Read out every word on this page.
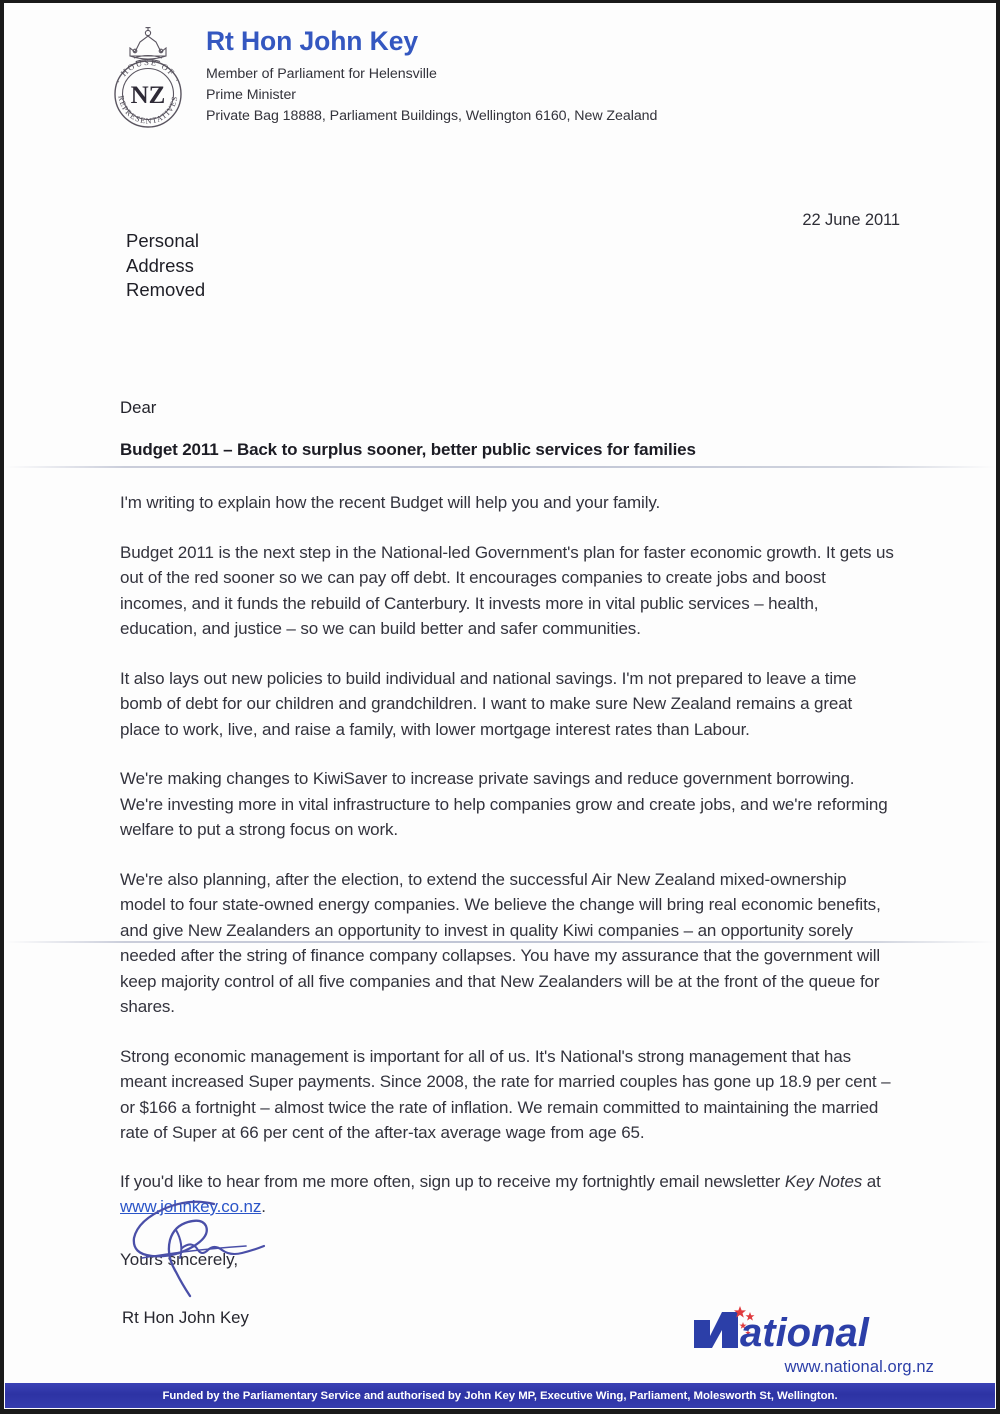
· HOUSE OF ·
REPRESENTATIVES
NZ
Rt Hon John Key
Member of Parliament for Helensville
Prime Minister
Private Bag 18888, Parliament Buildings, Wellington 6160, New Zealand
22 June 2011
Personal
Address
Removed
Dear
Budget 2011 – Back to surplus sooner, better public services for families

I'm writing to explain how the recent Budget will help you and your family.

Budget 2011 is the next step in the National-led Government's plan for faster economic growth. It gets us out of the red sooner so we can pay off debt. It encourages companies to create jobs and boost incomes, and it funds the rebuild of Canterbury. It invests more in vital public services – health, education, and justice – so we can build better and safer communities.

It also lays out new policies to build individual and national savings. I'm not prepared to leave a time bomb of debt for our children and grandchildren. I want to make sure New Zealand remains a great place to work, live, and raise a family, with lower mortgage interest rates than Labour.

We're making changes to KiwiSaver to increase private savings and reduce government borrowing. We're investing more in vital infrastructure to help companies grow and create jobs, and we're reforming welfare to put a strong focus on work.

We're also planning, after the election, to extend the successful Air New Zealand mixed-ownership model to four state-owned energy companies. We believe the change will bring real economic benefits, and give New Zealanders an opportunity to invest in quality Kiwi companies – an opportunity sorely needed after the string of finance company collapses. You have my assurance that the government will keep majority control of all five companies and that New Zealanders will be at the front of the queue for shares.

Strong economic management is important for all of us. It's National's strong management that has meant increased Super payments. Since 2008, the rate for married couples has gone up 18.9 per cent – or $166 a fortnight – almost twice the rate of inflation. We remain committed to maintaining the married rate of Super at 66 per cent of the after-tax average wage from age 65.

If you'd like to hear from me more often, sign up to receive my fortnightly email newsletter Key Notes at www.johnkey.co.nz.

Yours sincerely,
Rt Hon John Key	ational
www.national.org.nz
Funded by the Parliamentary Service and authorised by John Key MP, Executive Wing, Parliament, Molesworth St, Wellington.
